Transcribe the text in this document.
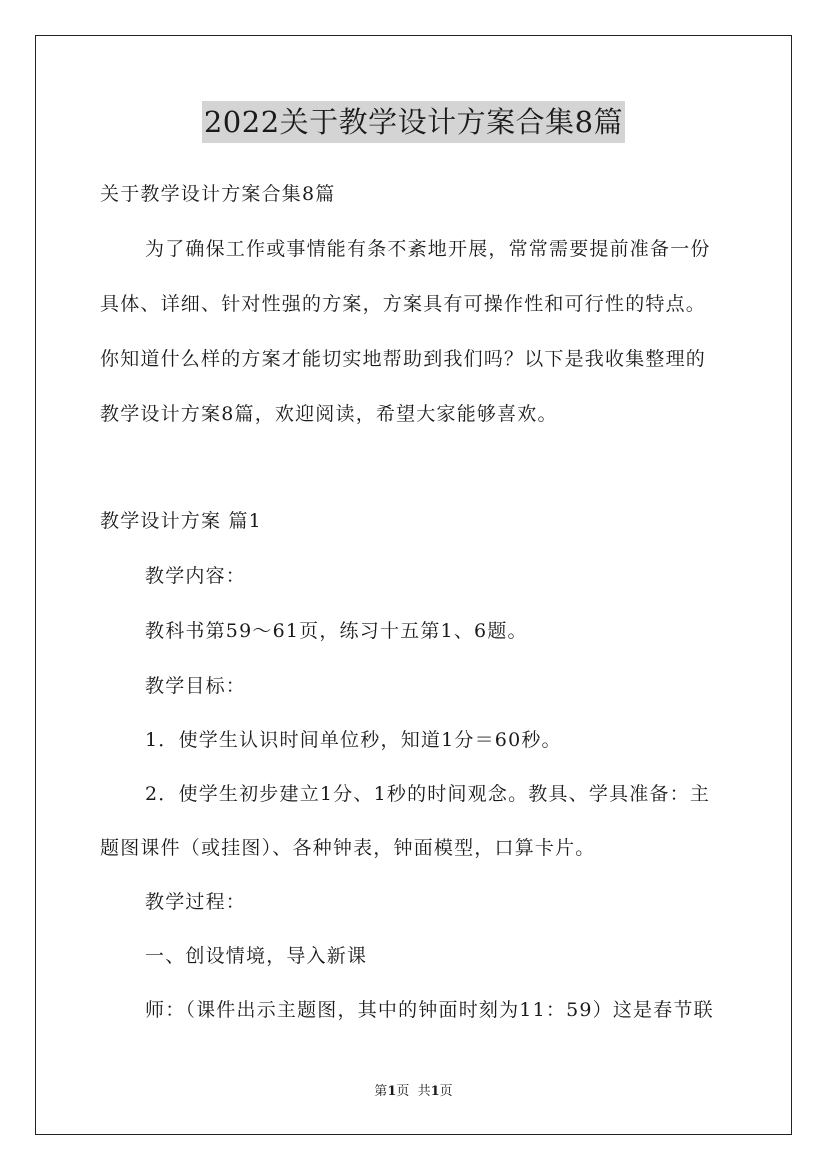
2022关于教学设计方案合集8篇
关于教学设计方案合集8篇
为了确保工作或事情能有条不紊地开展，常常需要提前准备一份
具体、详细、针对性强的方案，方案具有可操作性和可行性的特点。
你知道什么样的方案才能切实地帮助到我们吗？以下是我收集整理的
教学设计方案8篇，欢迎阅读，希望大家能够喜欢。
教学设计方案 篇1
教学内容：
教科书第59～61页，练习十五第1、6题。
教学目标：
1．使学生认识时间单位秒，知道1分＝60秒。
2．使学生初步建立1分、1秒的时间观念。教具、学具准备：主
题图课件（或挂图）、各种钟表，钟面模型，口算卡片。
教学过程：
一、创设情境，导入新课
师：（课件出示主题图，其中的钟面时刻为11：59）这是春节联
第1页  共1页
